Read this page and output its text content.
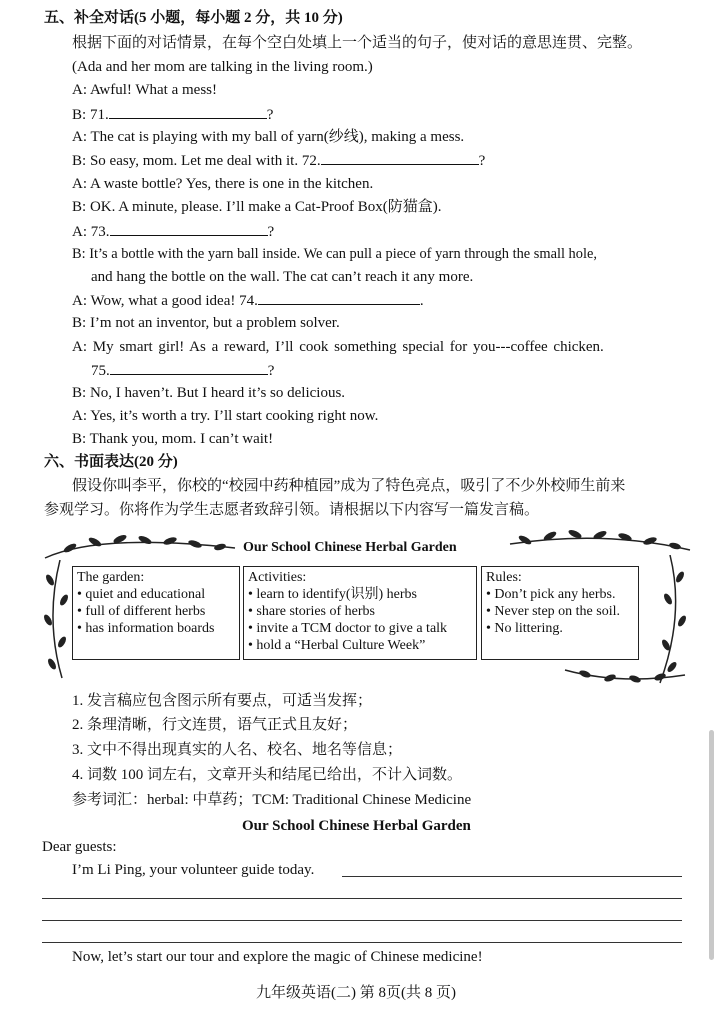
五、补全对话(5 小题，每小题 2 分，共 10 分)
根据下面的对话情景，在每个空白处填上一个适当的句子，使对话的意思连贯、完整。
(Ada and her mom are talking in the living room.)
A: Awful! What a mess!
B: 71.	?
A: The cat is playing with my ball of yarn(纱线), making a mess.
B: So easy, mom. Let me deal with it. 72.	?
A: A waste bottle? Yes, there is one in the kitchen.
B: OK. A minute, please. I’ll make a Cat-Proof Box(防猫盒).
A: 73.	?
B: It’s a bottle with the yarn ball inside. We can pull a piece of yarn through the small hole,
and hang the bottle on the wall. The cat can’t reach it any more.
A: Wow, what a good idea! 74.	.
B: I’m not an inventor, but a problem solver.
A: My smart girl! As a reward, I’ll cook something special for you---coffee chicken.
75.	?
B: No, I haven’t. But I heard it’s so delicious.
A: Yes, it’s worth a try. I’ll start cooking right now.
B: Thank you, mom. I can’t wait!
六、书面表达(20 分)
假设你叫李平，你校的“校园中药种植园”成为了特色亮点，吸引了不少外校师生前来
参观学习。你将作为学生志愿者致辞引领。请根据以下内容写一篇发言稿。
Our School Chinese Herbal Garden
The garden:
• quiet and educational
• full of different herbs
• has information boards
Activities:
• learn to identify(识别) herbs
• share stories of herbs
• invite a TCM doctor to give a talk
• hold a “Herbal Culture Week”
Rules:
• Don’t pick any herbs.
• Never step on the soil.
• No littering.
1. 发言稿应包含图示所有要点，可适当发挥；
2. 条理清晰，行文连贯，语气正式且友好；
3. 文中不得出现真实的人名、校名、地名等信息；
4. 词数 100 词左右，文章开头和结尾已给出，不计入词数。
参考词汇：herbal: 中草药；TCM: Traditional Chinese Medicine
Our School Chinese Herbal Garden
Dear guests:
I’m Li Ping, your volunteer guide today.
Now, let’s start our tour and explore the magic of Chinese medicine!
九年级英语(二) 第 8页(共 8 页)
